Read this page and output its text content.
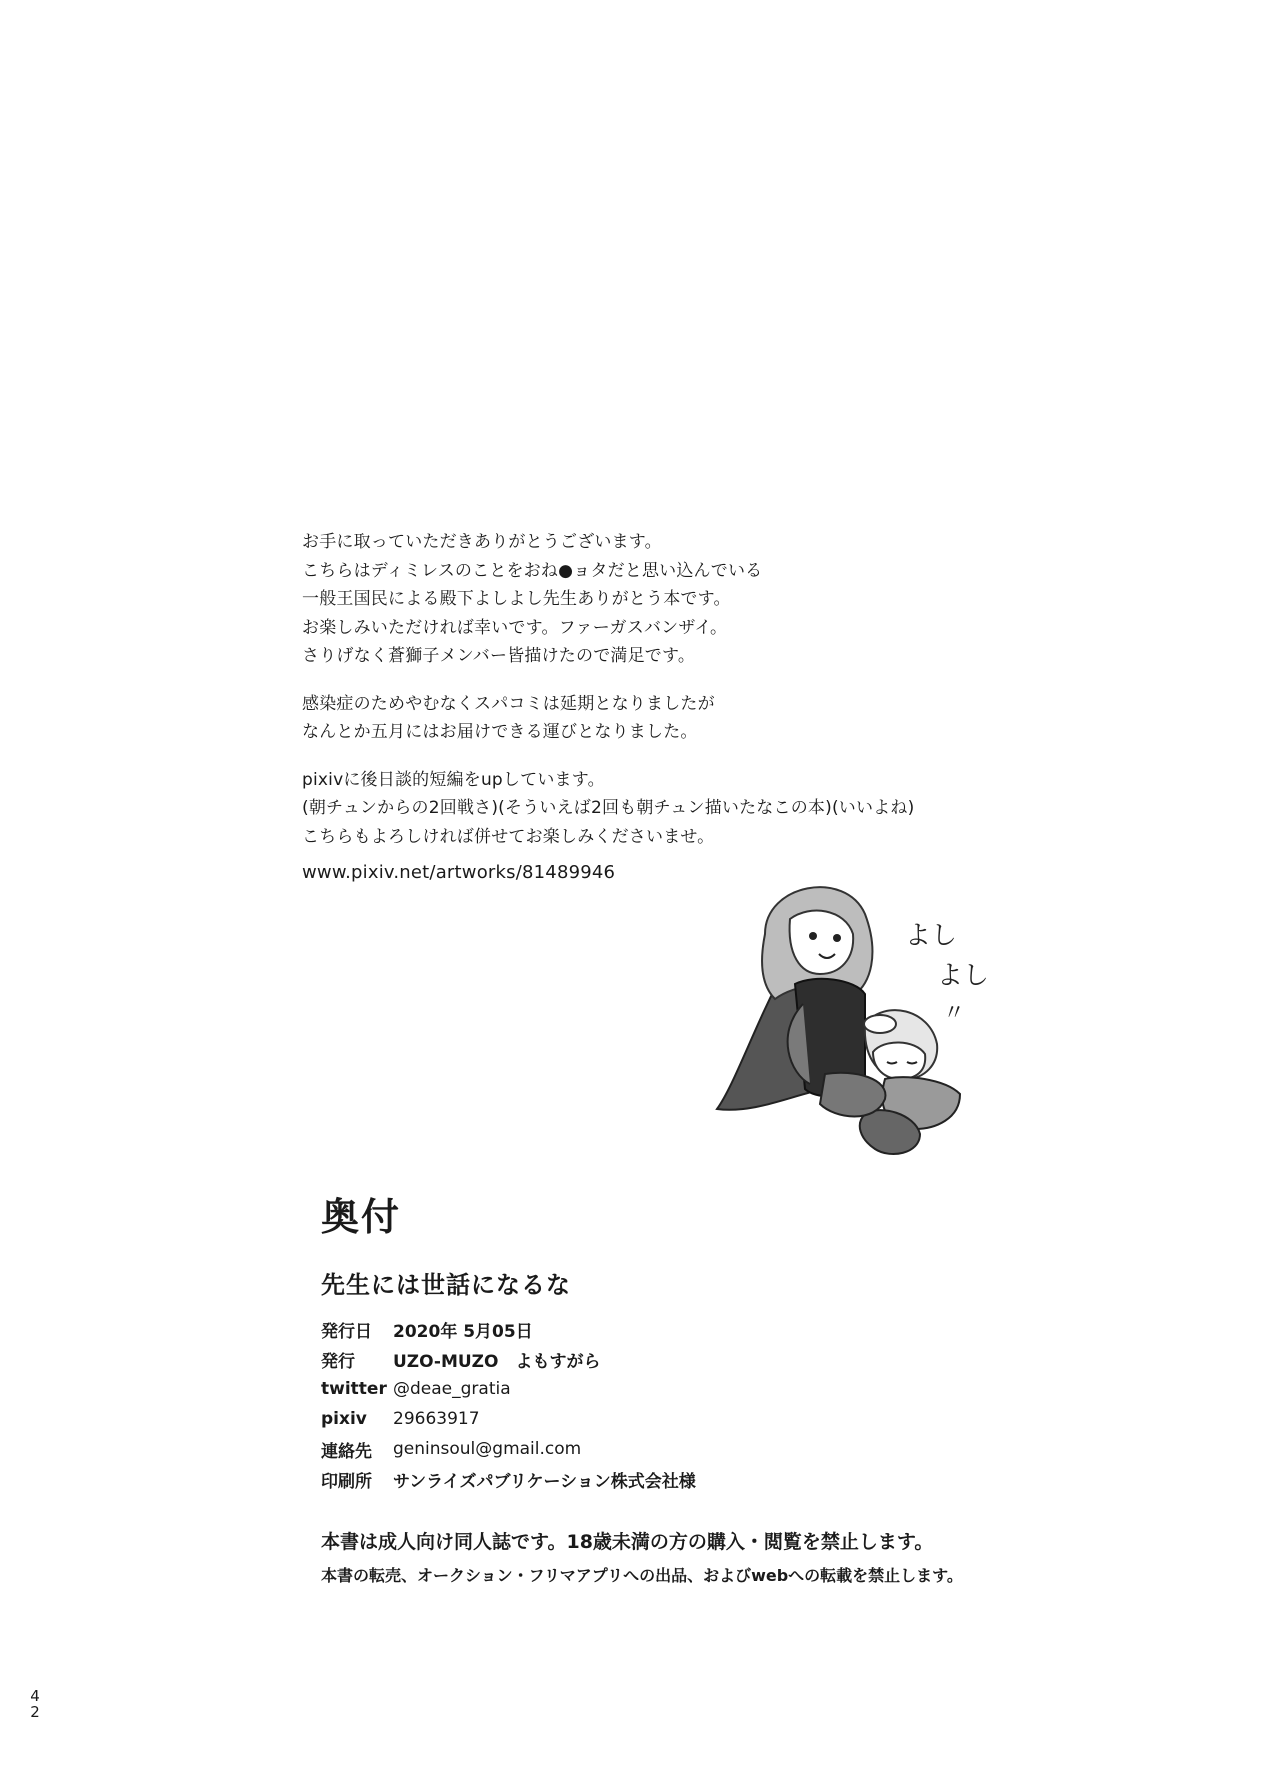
お手に取っていただきありがとうございます。

こちらはディミレスのことをおね●ョタだと思い込んでいる

一般王国民による殿下よしよし先生ありがとう本です。

お楽しみいただければ幸いです。ファーガスバンザイ。

さりげなく蒼獅子メンバー皆描けたので満足です。

感染症のためやむなくスパコミは延期となりましたが

なんとか五月にはお届けできる運びとなりました。

pixivに後日談的短編をupしています。

(朝チュンからの2回戦さ)(そういえば2回も朝チュン描いたなこの本)(いいよね)

こちらもよろしければ併せてお楽しみくださいませ。

www.pixiv.net/artworks/81489946

よし
よし
〃
奥付
先生には世話になるな
発行日	2020年 5月05日
発行	UZO-MUZO　よもすがら
twitter @deae_gratia
pixiv	29663917
連絡先	geninsoul@gmail.com
印刷所	サンライズパブリケーション株式会社様

本書は成人向け同人誌です。18歳未満の方の購入・閲覧を禁止します。

本書の転売、オークション・フリマアプリへの出品、およびwebへの転載を禁止します。

4
2
